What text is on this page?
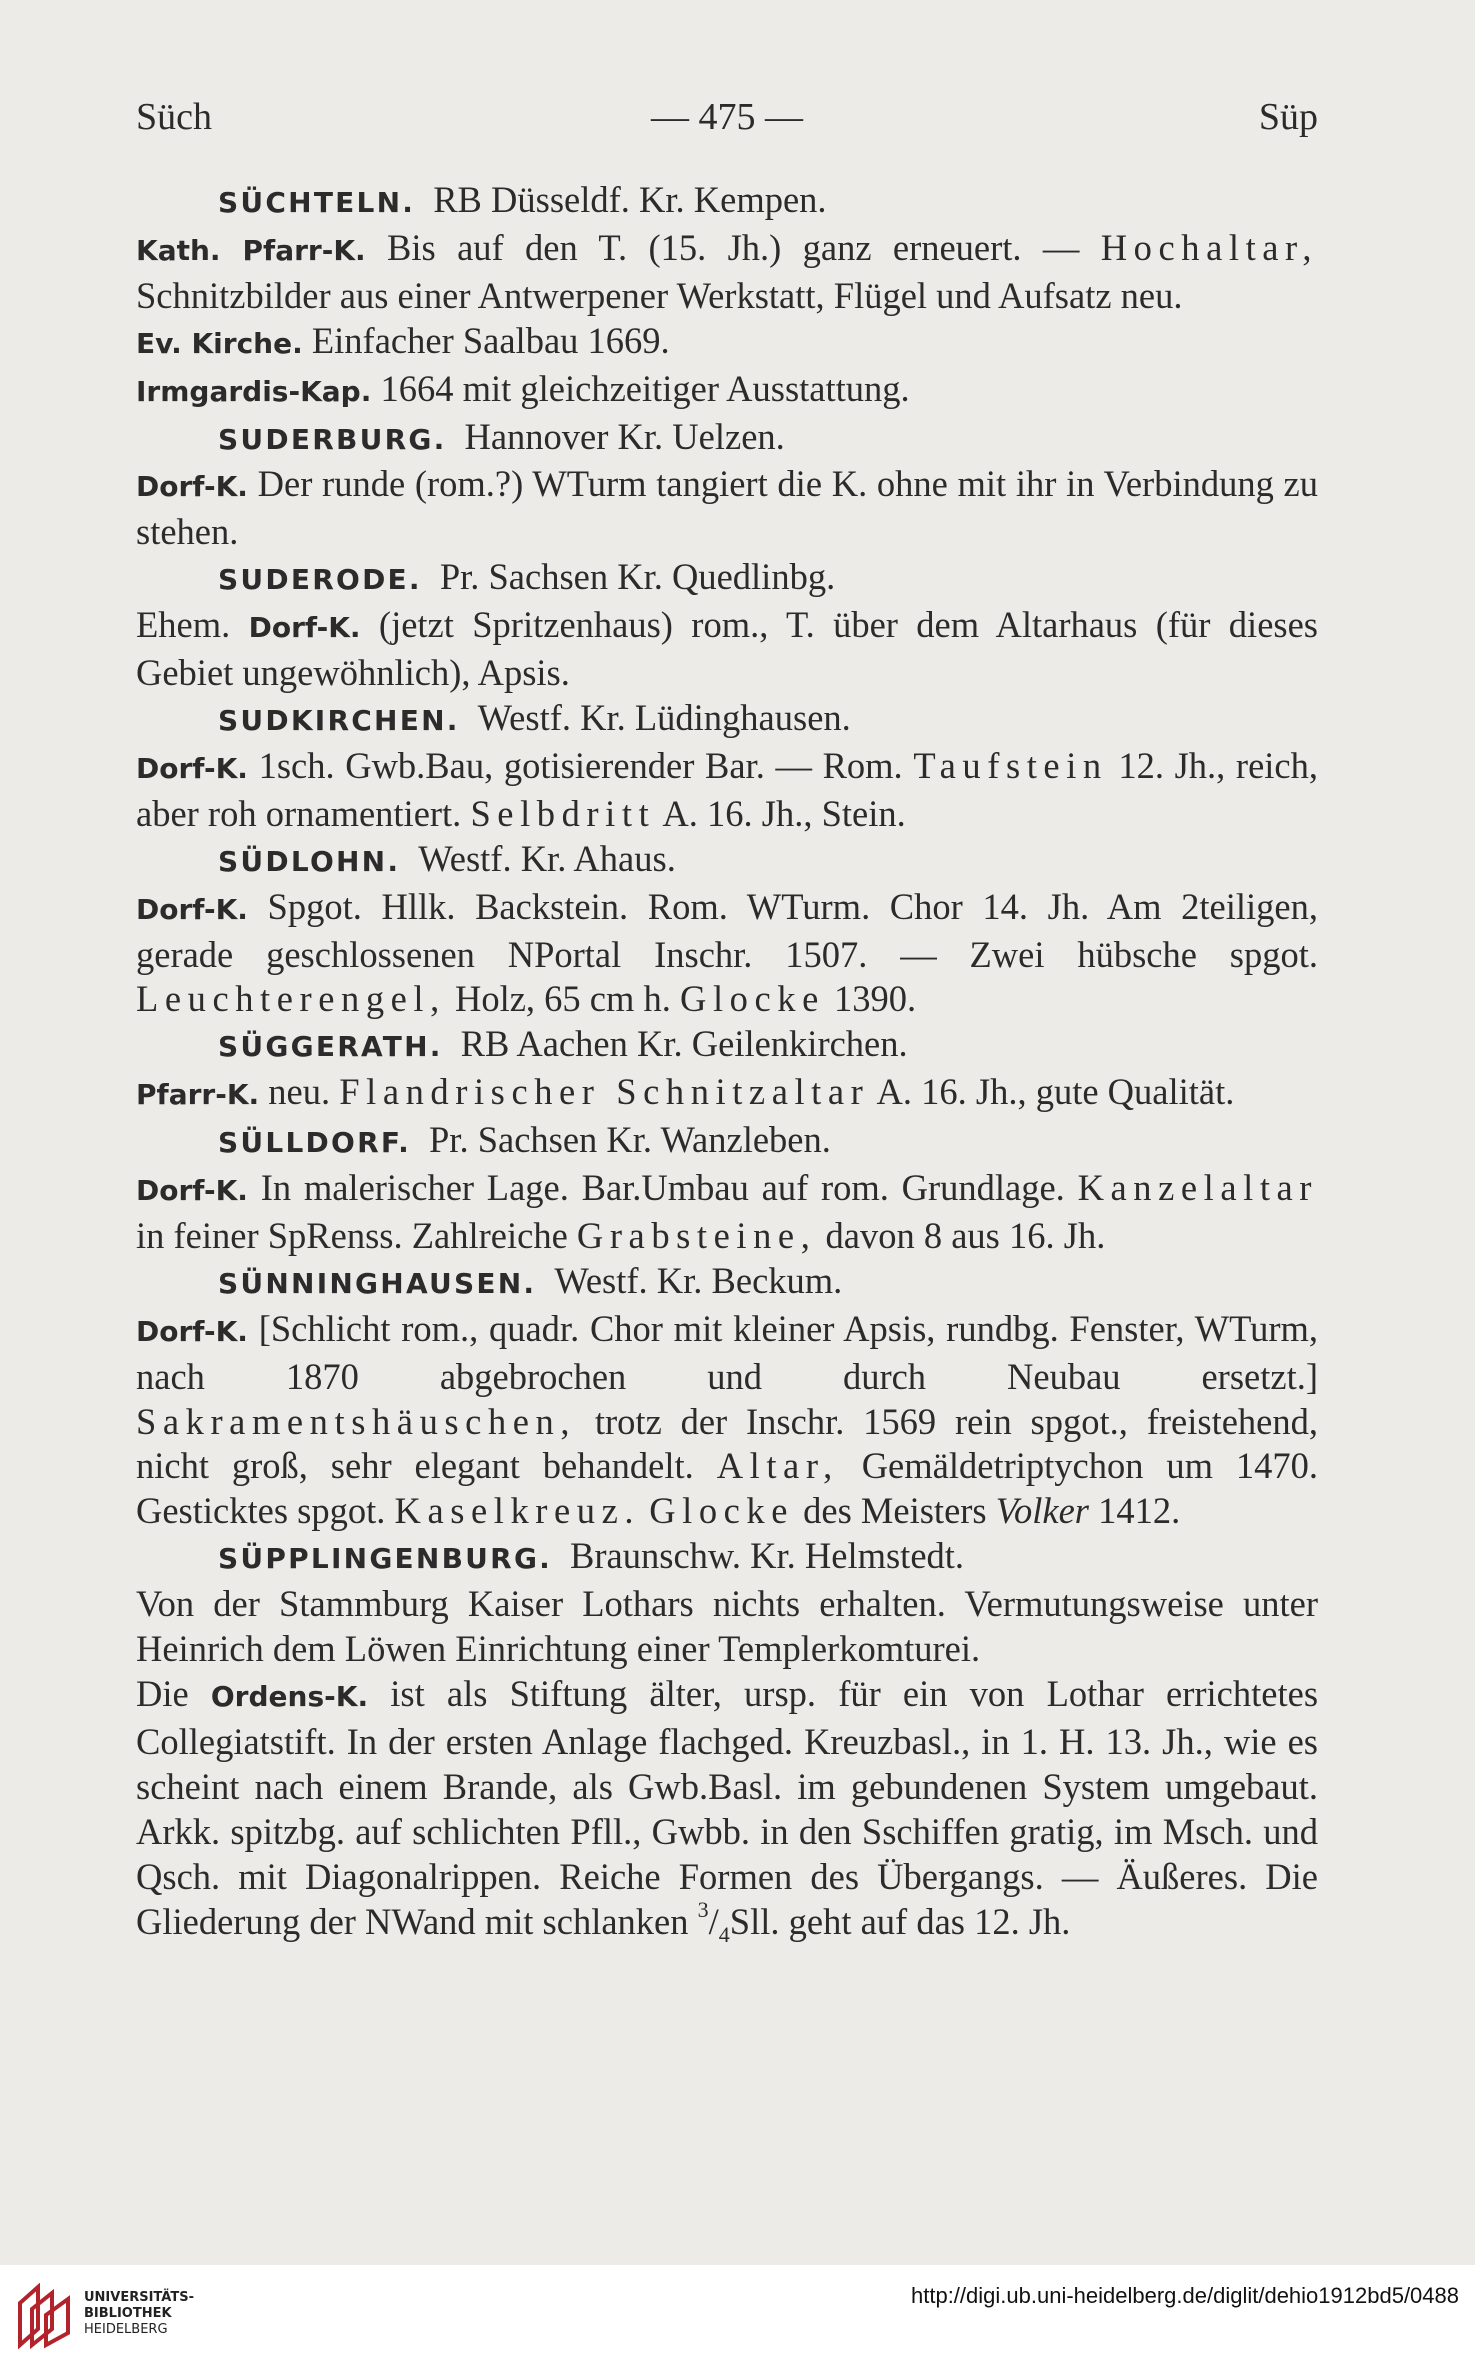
Süch	— 475 —	Süp

SÜCHTELN. RB Düsseldf. Kr. Kempen.

Kath. Pfarr-K. Bis auf den T. (15. Jh.) ganz erneuert. — Hochaltar, Schnitzbilder aus einer Antwerpener Werkstatt, Flügel und Aufsatz neu.

Ev. Kirche. Einfacher Saalbau 1669.

Irmgardis-Kap. 1664 mit gleichzeitiger Ausstattung.

SUDERBURG. Hannover Kr. Uelzen.

Dorf-K. Der runde (rom.?) WTurm tangiert die K. ohne mit ihr in Verbindung zu stehen.

SUDERODE. Pr. Sachsen Kr. Quedlinbg.

Ehem. Dorf-K. (jetzt Spritzenhaus) rom., T. über dem Altarhaus (für dieses Gebiet ungewöhnlich), Apsis.

SUDKIRCHEN. Westf. Kr. Lüdinghausen.

Dorf-K. 1sch. Gwb.Bau, gotisierender Bar. — Rom. Taufstein 12. Jh., reich, aber roh ornamentiert. Selbdritt A. 16. Jh., Stein.

SÜDLOHN. Westf. Kr. Ahaus.

Dorf-K. Spgot. Hllk. Backstein. Rom. WTurm. Chor 14. Jh. Am 2teiligen, gerade geschlossenen NPortal Inschr. 1507. — Zwei hübsche spgot. Leuchterengel, Holz, 65 cm h. Glocke 1390.

SÜGGERATH. RB Aachen Kr. Geilenkirchen.

Pfarr-K. neu. Flandrischer Schnitzaltar A. 16. Jh., gute Qualität.

SÜLLDORF. Pr. Sachsen Kr. Wanzleben.

Dorf-K. In malerischer Lage. Bar.Umbau auf rom. Grundlage. Kanzelaltar in feiner SpRenss. Zahlreiche Grabsteine, davon 8 aus 16. Jh.

SÜNNINGHAUSEN. Westf. Kr. Beckum.

Dorf-K. [Schlicht rom., quadr. Chor mit kleiner Apsis, rundbg. Fenster, WTurm, nach 1870 abgebrochen und durch Neubau ersetzt.] Sakramentshäuschen, trotz der Inschr. 1569 rein spgot., freistehend, nicht groß, sehr elegant behandelt. Altar, Gemäldetriptychon um 1470. Gesticktes spgot. Kaselkreuz. Glocke des Meisters Volker 1412.

SÜPPLINGENBURG. Braunschw. Kr. Helmstedt.

Von der Stammburg Kaiser Lothars nichts erhalten. Vermutungsweise unter Heinrich dem Löwen Einrichtung einer Templerkomturei.

Die Ordens-K. ist als Stiftung älter, ursp. für ein von Lothar errichtetes Collegiatstift. In der ersten Anlage flachged. Kreuzbasl., in 1. H. 13. Jh., wie es scheint nach einem Brande, als Gwb.Basl. im gebundenen System umgebaut. Arkk. spitzbg. auf schlichten Pfll., Gwbb. in den Sschiffen gratig, im Msch. und Qsch. mit Diagonalrippen. Reiche Formen des Übergangs. — Äußeres. Die Gliederung der NWand mit schlanken $^3$/4Sll. geht auf das 12. Jh.

UNIVERSITÄTS-
BIBLIOTHEK
HEIDELBERG
http://digi.ub.uni-heidelberg.de/diglit/dehio1912bd5/0488
